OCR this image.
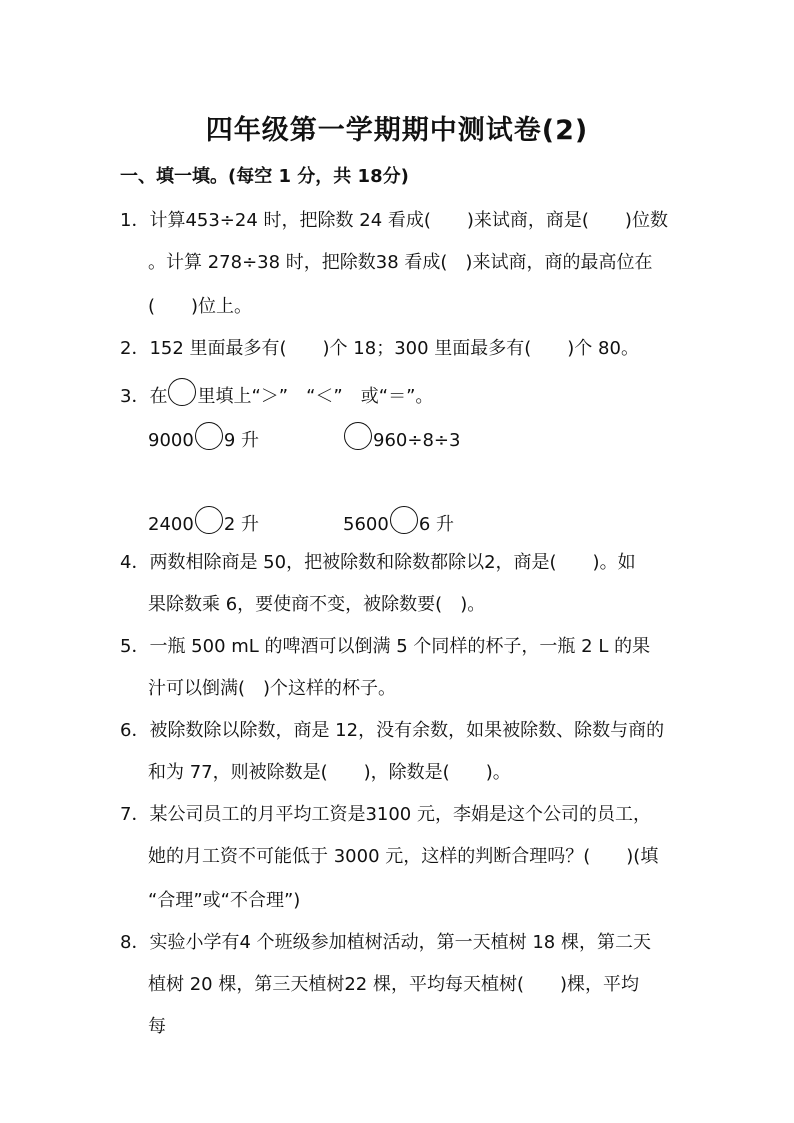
四年级第一学期期中测试卷(2)
一、填一填。(每空 1 分，共 18分)
1．计算453÷24 时，把除数 24 看成(　　)来试商，商是(　　)位数
。计算 278÷38 时，把除数38 看成(　)来试商，商的最高位在
(　　)位上。
2．152 里面最多有(　　)个 18；300 里面最多有(　　)个 80。
3．在 里填上“＞”　“＜”　或“＝”。
9000 9 升	960÷8÷3
2400 2 升	5600 6 升
4．两数相除商是 50，把被除数和除数都除以2，商是(　　)。如
果除数乘 6，要使商不变，被除数要(　)。
5．一瓶 500 mL 的啤酒可以倒满 5 个同样的杯子，一瓶 2 L 的果
汁可以倒满(　)个这样的杯子。
6．被除数除以除数，商是 12，没有余数，如果被除数、除数与商的
和为 77，则被除数是(　　)，除数是(　　)。
7．某公司员工的月平均工资是3100 元，李娟是这个公司的员工，
她的月工资不可能低于 3000 元，这样的判断合理吗？(　　)(填
“合理”或“不合理”)
8．实验小学有4 个班级参加植树活动，第一天植树 18 棵，第二天
植树 20 棵，第三天植树22 棵，平均每天植树(　　)棵，平均
每
